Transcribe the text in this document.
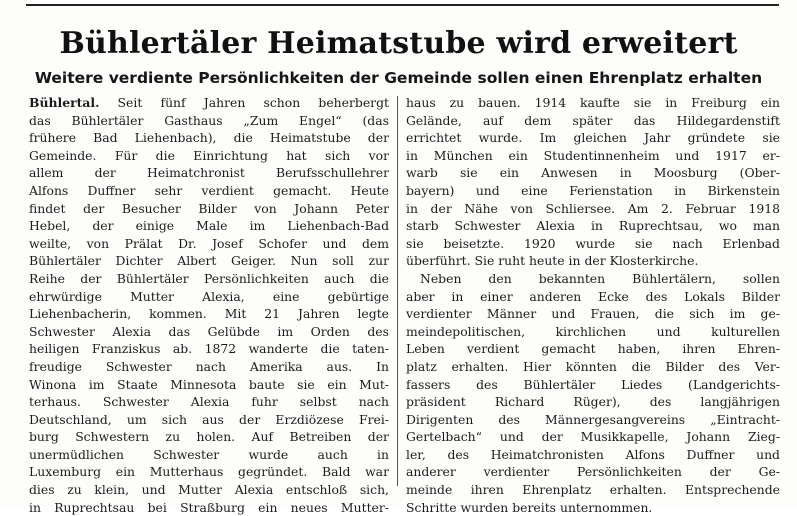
Bühlertäler Heimatstube wird erweitert
Weitere verdiente Persönlichkeiten der Gemeinde sollen einen Ehrenplatz erhalten
Bühlertal. Seit fünf Jahren schon beherbergt
das Bühlertäler Gasthaus „Zum Engel“ (das
frühere Bad Liehenbach), die Heimatstube der
Gemeinde. Für die Einrichtung hat sich vor
allem der Heimatchronist Berufsschullehrer
Alfons Duffner sehr verdient gemacht. Heute
findet der Besucher Bilder von Johann Peter
Hebel, der einige Male im Liehenbach-Bad
weilte, von Prälat Dr. Josef Schofer und dem
Bühlertäler Dichter Albert Geiger. Nun soll zur
Reihe der Bühlertäler Persönlichkeiten auch die
ehrwürdige Mutter Alexia, eine gebürtige
Liehenbacherin, kommen. Mit 21 Jahren legte
Schwester Alexia das Gelübde im Orden des
heiligen Franziskus ab. 1872 wanderte die taten-
freudige Schwester nach Amerika aus. In
Winona im Staate Minnesota baute sie ein Mut-
terhaus. Schwester Alexia fuhr selbst nach
Deutschland, um sich aus der Erzdiözese Frei-
burg Schwestern zu holen. Auf Betreiben der
unermüdlichen Schwester wurde auch in
Luxemburg ein Mutterhaus gegründet. Bald war
dies zu klein, und Mutter Alexia entschloß sich,
in Ruprechtsau bei Straßburg ein neues Mutter-
haus zu bauen. 1914 kaufte sie in Freiburg ein
Gelände, auf dem später das Hildegardenstift
errichtet wurde. Im gleichen Jahr gründete sie
in München ein Studentinnenheim und 1917 er-
warb sie ein Anwesen in Moosburg (Ober-
bayern) und eine Ferienstation in Birkenstein
in der Nähe von Schliersee. Am 2. Februar 1918
starb Schwester Alexia in Ruprechtsau, wo man
sie beisetzte. 1920 wurde sie nach Erlenbad
überführt. Sie ruht heute in der Klosterkirche.
Neben den bekannten Bühlertälern, sollen
aber in einer anderen Ecke des Lokals Bilder
verdienter Männer und Frauen, die sich im ge-
meindepolitischen, kirchlichen und kulturellen
Leben verdient gemacht haben, ihren Ehren-
platz erhalten. Hier könnten die Bilder des Ver-
fassers des Bühlertäler Liedes (Landgerichts-
präsident Richard Rüger), des langjährigen
Dirigenten des Männergesangvereins „Eintracht-
Gertelbach“ und der Musikkapelle, Johann Zieg-
ler, des Heimatchronisten Alfons Duffner und
anderer verdienter Persönlichkeiten der Ge-
meinde ihren Ehrenplatz erhalten. Entsprechende
Schritte wurden bereits unternommen.
